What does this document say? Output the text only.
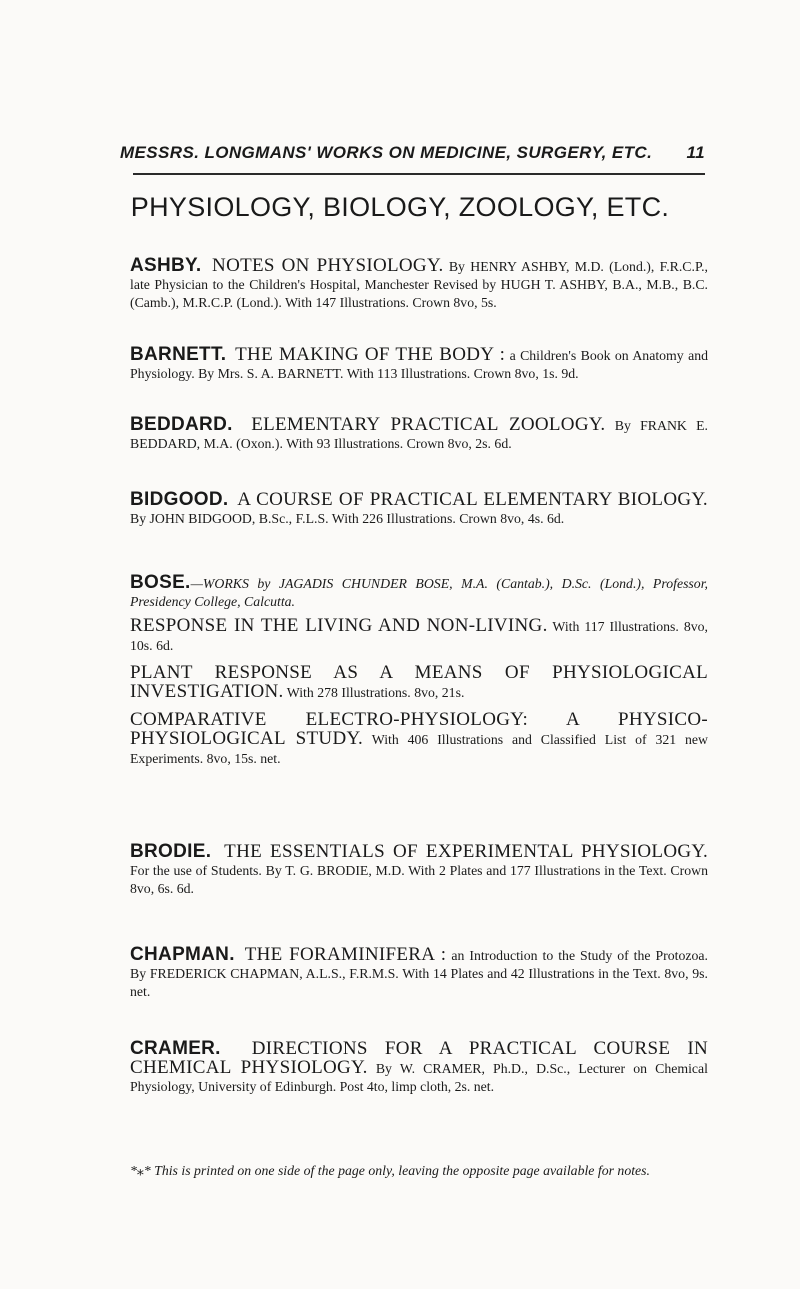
MESSRS. LONGMANS' WORKS ON MEDICINE, SURGERY, ETC. 11
PHYSIOLOGY, BIOLOGY, ZOOLOGY, ETC.

ASHBY. NOTES ON PHYSIOLOGY. By HENRY ASHBY, M.D. (Lond.), F.R.C.P., late Physician to the Children's Hospital, Manchester Revised by HUGH T. ASHBY, B.A., M.B., B.C. (Camb.), M.R.C.P. (Lond.). With 147 Illustrations. Crown 8vo, 5s.

BARNETT. THE MAKING OF THE BODY : a Children's Book on Anatomy and Physiology. By Mrs. S. A. BARNETT. With 113 Illustrations. Crown 8vo, 1s. 9d.

BEDDARD. ELEMENTARY PRACTICAL ZOOLOGY. By FRANK E. BEDDARD, M.A. (Oxon.). With 93 Illustrations. Crown 8vo, 2s. 6d.

BIDGOOD. A COURSE OF PRACTICAL ELEMENTARY BIOLOGY. By JOHN BIDGOOD, B.Sc., F.L.S. With 226 Illustrations. Crown 8vo, 4s. 6d.

BOSE.—WORKS by JAGADIS CHUNDER BOSE, M.A. (Cantab.), D.Sc. (Lond.), Professor, Presidency College, Calcutta.

RESPONSE IN THE LIVING AND NON-LIVING. With 117 Illustrations. 8vo, 10s. 6d.

PLANT RESPONSE AS A MEANS OF PHYSIOLOGICAL INVESTIGATION. With 278 Illustrations. 8vo, 21s.

COMPARATIVE ELECTRO-PHYSIOLOGY: A PHYSICO-PHYSIOLOGICAL STUDY. With 406 Illustrations and Classified List of 321 new Experiments. 8vo, 15s. net.

BRODIE. THE ESSENTIALS OF EXPERIMENTAL PHYSIOLOGY. For the use of Students. By T. G. BRODIE, M.D. With 2 Plates and 177 Illustrations in the Text. Crown 8vo, 6s. 6d.

CHAPMAN. THE FORAMINIFERA : an Introduction to the Study of the Protozoa. By FREDERICK CHAPMAN, A.L.S., F.R.M.S. With 14 Plates and 42 Illustrations in the Text. 8vo, 9s. net.

CRAMER. DIRECTIONS FOR A PRACTICAL COURSE IN CHEMICAL PHYSIOLOGY. By W. CRAMER, Ph.D., D.Sc., Lecturer on Chemical Physiology, University of Edinburgh. Post 4to, limp cloth, 2s. net.

*⁎* This is printed on one side of the page only, leaving the opposite page available for notes.
